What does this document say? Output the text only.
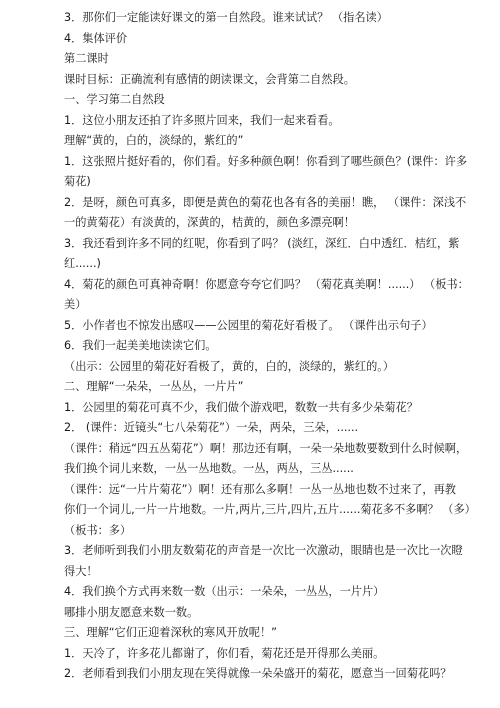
3．那你们一定能读好课文的第一自然段。谁来试试？ （指名读）
4．集体评价
第二课时
课时目标：正确流利有感情的朗读课文，会背第二自然段。
一、学习第二自然段
1．这位小朋友还拍了许多照片回来，我们一起来看看。
理解“黄的，白的，淡绿的，紫红的”
1．这张照片挺好看的，你们看。好多种颜色啊！你看到了哪些颜色？(课件：许多
菊花)
2．是呀，颜色可真多，即便是黄色的菊花也各有各的美丽！瞧， （课件：深浅不
一的黄菊花）有淡黄的，深黄的，桔黄的，颜色多漂亮啊！
3．我还看到许多不同的红呢，你看到了吗？ (淡红，深红．白中透红．桔红，紫
红......)
4．菊花的颜色可真神奇啊！你愿意夸夸它们吗？ （菊花真美啊！......） （板书：
美）
5．小作者也不惊发出感叹——公园里的菊花好看极了。 （课件出示句子）
6．我们一起美美地读读它们。
（出示：公园里的菊花好看极了，黄的，白的，淡绿的，紫红的。）
二、理解“一朵朵，一丛丛，一片片”
1．公园里的菊花可真不少，我们做个游戏吧，数数一共有多少朵菊花？
2． (课件：近镜头“七八朵菊花”）一朵，两朵，三朵，......
（课件：稍远“四五丛菊花”）啊！那边还有啊，一朵一朵地数要数到什么时候啊，
我们换个词儿来数，一丛一丛地数。一丛，两丛，三丛......
（课件：远“一片片菊花”）啊！还有那么多啊！一丛一丛地也数不过来了，再教
你们一个词儿,一片一片地数。一片,两片,三片,四片,五片......菊花多不多啊？ （多）
（板书：多）
3．老师听到我们小朋友数菊花的声音是一次比一次激动，眼睛也是一次比一次瞪
得大！
4．我们换个方式再来数一数（出示：一朵朵，一丛丛，一片片）
哪排小朋友愿意来数一数。
三、理解“它们正迎着深秋的寒风开放呢！”
1．天冷了，许多花儿都谢了，你们看，菊花还是开得那么美丽。
2．老师看到我们小朋友现在笑得就像一朵朵盛开的菊花，愿意当一回菊花吗？
